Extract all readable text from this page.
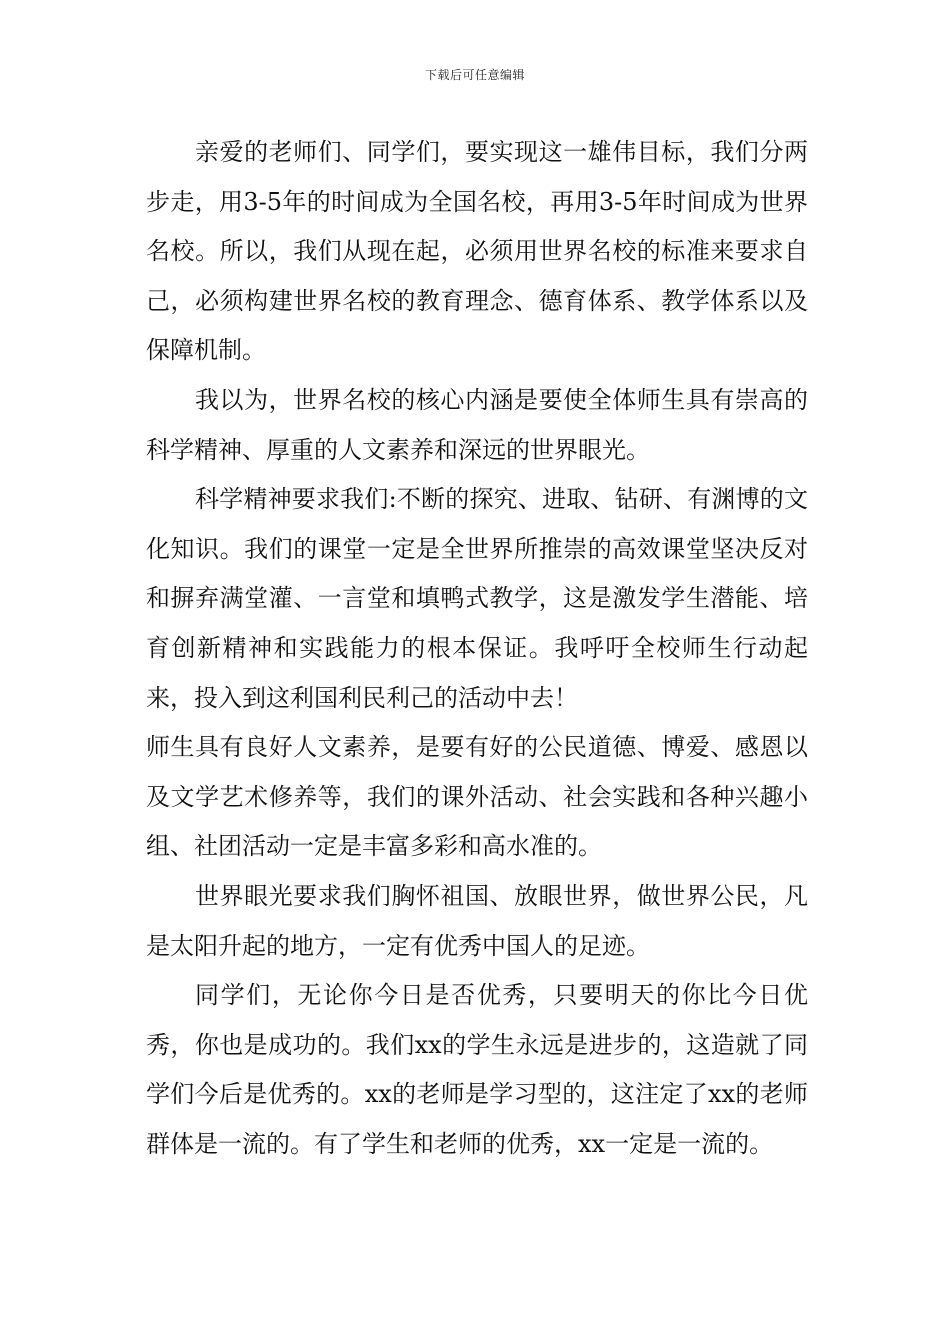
下载后可任意编辑

亲爱的老师们、同学们，要实现这一雄伟目标，我们分两步走，用3-5年的时间成为全国名校，再用3-5年时间成为世界名校。所以，我们从现在起，必须用世界名校的标准来要求自己，必须构建世界名校的教育理念、德育体系、教学体系以及保障机制。

我以为，世界名校的核心内涵是要使全体师生具有崇高的科学精神、厚重的人文素养和深远的世界眼光。

科学精神要求我们:不断的探究、进取、钻研、有渊博的文化知识。我们的课堂一定是全世界所推崇的高效课堂坚决反对和摒弃满堂灌、一言堂和填鸭式教学，这是激发学生潜能、培育创新精神和实践能力的根本保证。我呼吁全校师生行动起来，投入到这利国利民利己的活动中去！

师生具有良好人文素养，是要有好的公民道德、博爱、感恩以及文学艺术修养等，我们的课外活动、社会实践和各种兴趣小组、社团活动一定是丰富多彩和高水准的。

世界眼光要求我们胸怀祖国、放眼世界，做世界公民，凡是太阳升起的地方，一定有优秀中国人的足迹。

同学们，无论你今日是否优秀，只要明天的你比今日优秀，你也是成功的。我们xx的学生永远是进步的，这造就了同学们今后是优秀的。xx的老师是学习型的，这注定了xx的老师群体是一流的。有了学生和老师的优秀，xx一定是一流的。
